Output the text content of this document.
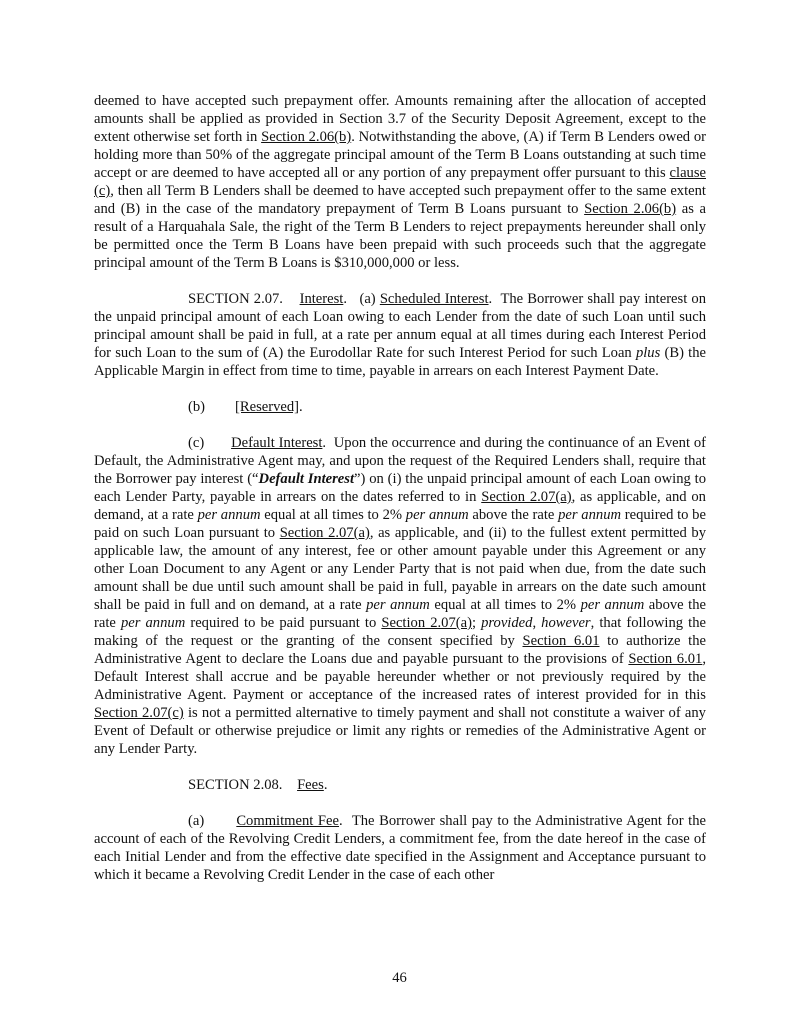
deemed to have accepted such prepayment offer. Amounts remaining after the allocation of accepted amounts shall be applied as provided in Section 3.7 of the Security Deposit Agreement, except to the extent otherwise set forth in Section 2.06(b). Notwithstanding the above, (A) if Term B Lenders owed or holding more than 50% of the aggregate principal amount of the Term B Loans outstanding at such time accept or are deemed to have accepted all or any portion of any prepayment offer pursuant to this clause (c), then all Term B Lenders shall be deemed to have accepted such prepayment offer to the same extent and (B) in the case of the mandatory prepayment of Term B Loans pursuant to Section 2.06(b) as a result of a Harquahala Sale, the right of the Term B Lenders to reject prepayments hereunder shall only be permitted once the Term B Loans have been prepaid with such proceeds such that the aggregate principal amount of the Term B Loans is $310,000,000 or less.

SECTION 2.07. Interest.   (a) Scheduled Interest.  The Borrower shall pay interest on the unpaid principal amount of each Loan owing to each Lender from the date of such Loan until such principal amount shall be paid in full, at a rate per annum equal at all times during each Interest Period for such Loan to the sum of (A) the Eurodollar Rate for such Interest Period for such Loan plus (B) the Applicable Margin in effect from time to time, payable in arrears on each Interest Payment Date.

(b) [Reserved].

(c) Default Interest.  Upon the occurrence and during the continuance of an Event of Default, the Administrative Agent may, and upon the request of the Required Lenders shall, require that the Borrower pay interest (“Default Interest”) on (i) the unpaid principal amount of each Loan owing to each Lender Party, payable in arrears on the dates referred to in Section 2.07(a), as applicable, and on demand, at a rate per annum equal at all times to 2% per annum above the rate per annum required to be paid on such Loan pursuant to Section 2.07(a), as applicable, and (ii) to the fullest extent permitted by applicable law, the amount of any interest, fee or other amount payable under this Agreement or any other Loan Document to any Agent or any Lender Party that is not paid when due, from the date such amount shall be due until such amount shall be paid in full, payable in arrears on the date such amount shall be paid in full and on demand, at a rate per annum equal at all times to 2% per annum above the rate per annum required to be paid pursuant to Section 2.07(a); provided, however, that following the making of the request or the granting of the consent specified by Section 6.01 to authorize the Administrative Agent to declare the Loans due and payable pursuant to the provisions of Section 6.01, Default Interest shall accrue and be payable hereunder whether or not previously required by the Administrative Agent. Payment or acceptance of the increased rates of interest provided for in this Section 2.07(c) is not a permitted alternative to timely payment and shall not constitute a waiver of any Event of Default or otherwise prejudice or limit any rights or remedies of the Administrative Agent or any Lender Party.

SECTION 2.08. Fees.

(a) Commitment Fee.  The Borrower shall pay to the Administrative Agent for the account of each of the Revolving Credit Lenders, a commitment fee, from the date hereof in the case of each Initial Lender and from the effective date specified in the Assignment and Acceptance pursuant to which it became a Revolving Credit Lender in the case of each other

46
